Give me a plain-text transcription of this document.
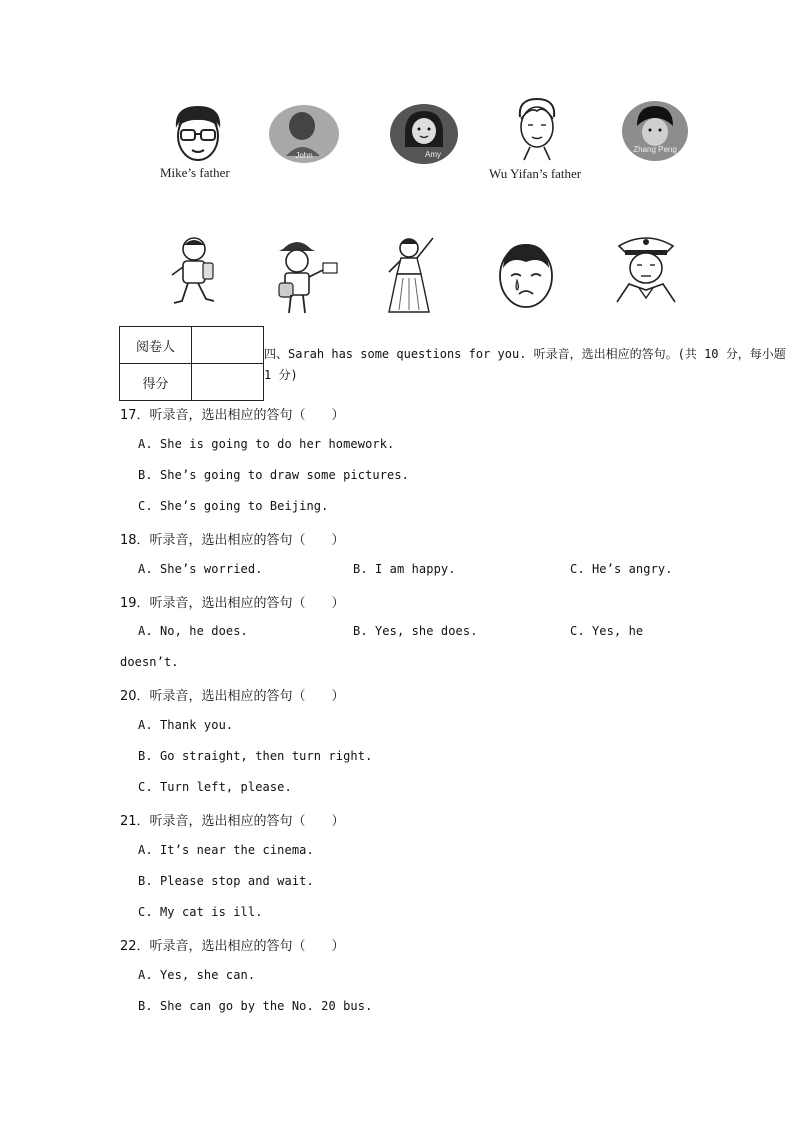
Mike’s father
John	Amy
Wu Yifan’s father
Zhang Peng
阅卷人	
得分	
四、Sarah has some questions for you. 听录音，选出相应的答句。(共 10 分，每小题 1 分)
17．听录音，选出相应的答句（　　）
A. She is going to do her homework.
B. She’s going to draw some pictures.
C. She’s going to Beijing.
18．听录音，选出相应的答句（　　）
A. She’s worried.	B. I am happy.	C. He’s angry.
19．听录音，选出相应的答句（　　）
A. No, he does.	B. Yes, she does.	C. Yes, he
doesn’t.
20．听录音，选出相应的答句（　　）
A. Thank you.
B. Go straight, then turn right.
C. Turn left, please.
21．听录音，选出相应的答句（　　）
A. It’s near the cinema.
B. Please stop and wait.
C. My cat is ill.
22．听录音，选出相应的答句（　　）
A. Yes, she can.
B. She can go by the No. 20 bus.
